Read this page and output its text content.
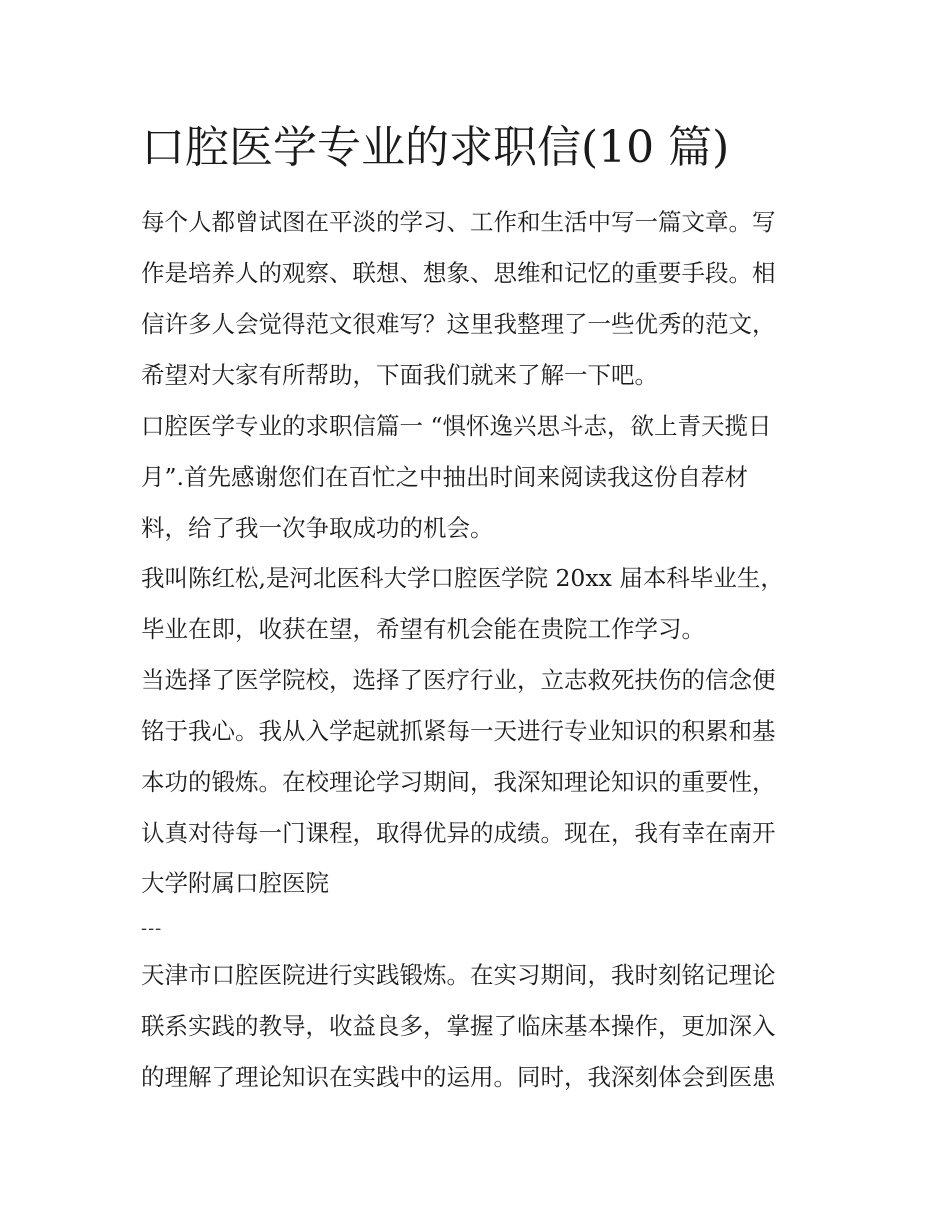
口腔医学专业的求职信(10 篇)

每个人都曾试图在平淡的学习、工作和生活中写一篇文章。写

作是培养人的观察、联想、想象、思维和记忆的重要手段。相

信许多人会觉得范文很难写？这里我整理了一些优秀的范文，

希望对大家有所帮助，下面我们就来了解一下吧。

口腔医学专业的求职信篇一 “惧怀逸兴思斗志，欲上青天揽日

月”.首先感谢您们在百忙之中抽出时间来阅读我这份自荐材

料，给了我一次争取成功的机会。

我叫陈红松,是河北医科大学口腔医学院 20xx 届本科毕业生，

毕业在即，收获在望，希望有机会能在贵院工作学习。

当选择了医学院校，选择了医疗行业，立志救死扶伤的信念便

铭于我心。我从入学起就抓紧每一天进行专业知识的积累和基

本功的锻炼。在校理论学习期间，我深知理论知识的重要性，

认真对待每一门课程，取得优异的成绩。现在，我有幸在南开

大学附属口腔医院

---

天津市口腔医院进行实践锻炼。在实习期间，我时刻铭记理论

联系实践的教导，收益良多，掌握了临床基本操作，更加深入

的理解了理论知识在实践中的运用。同时，我深刻体会到医患
